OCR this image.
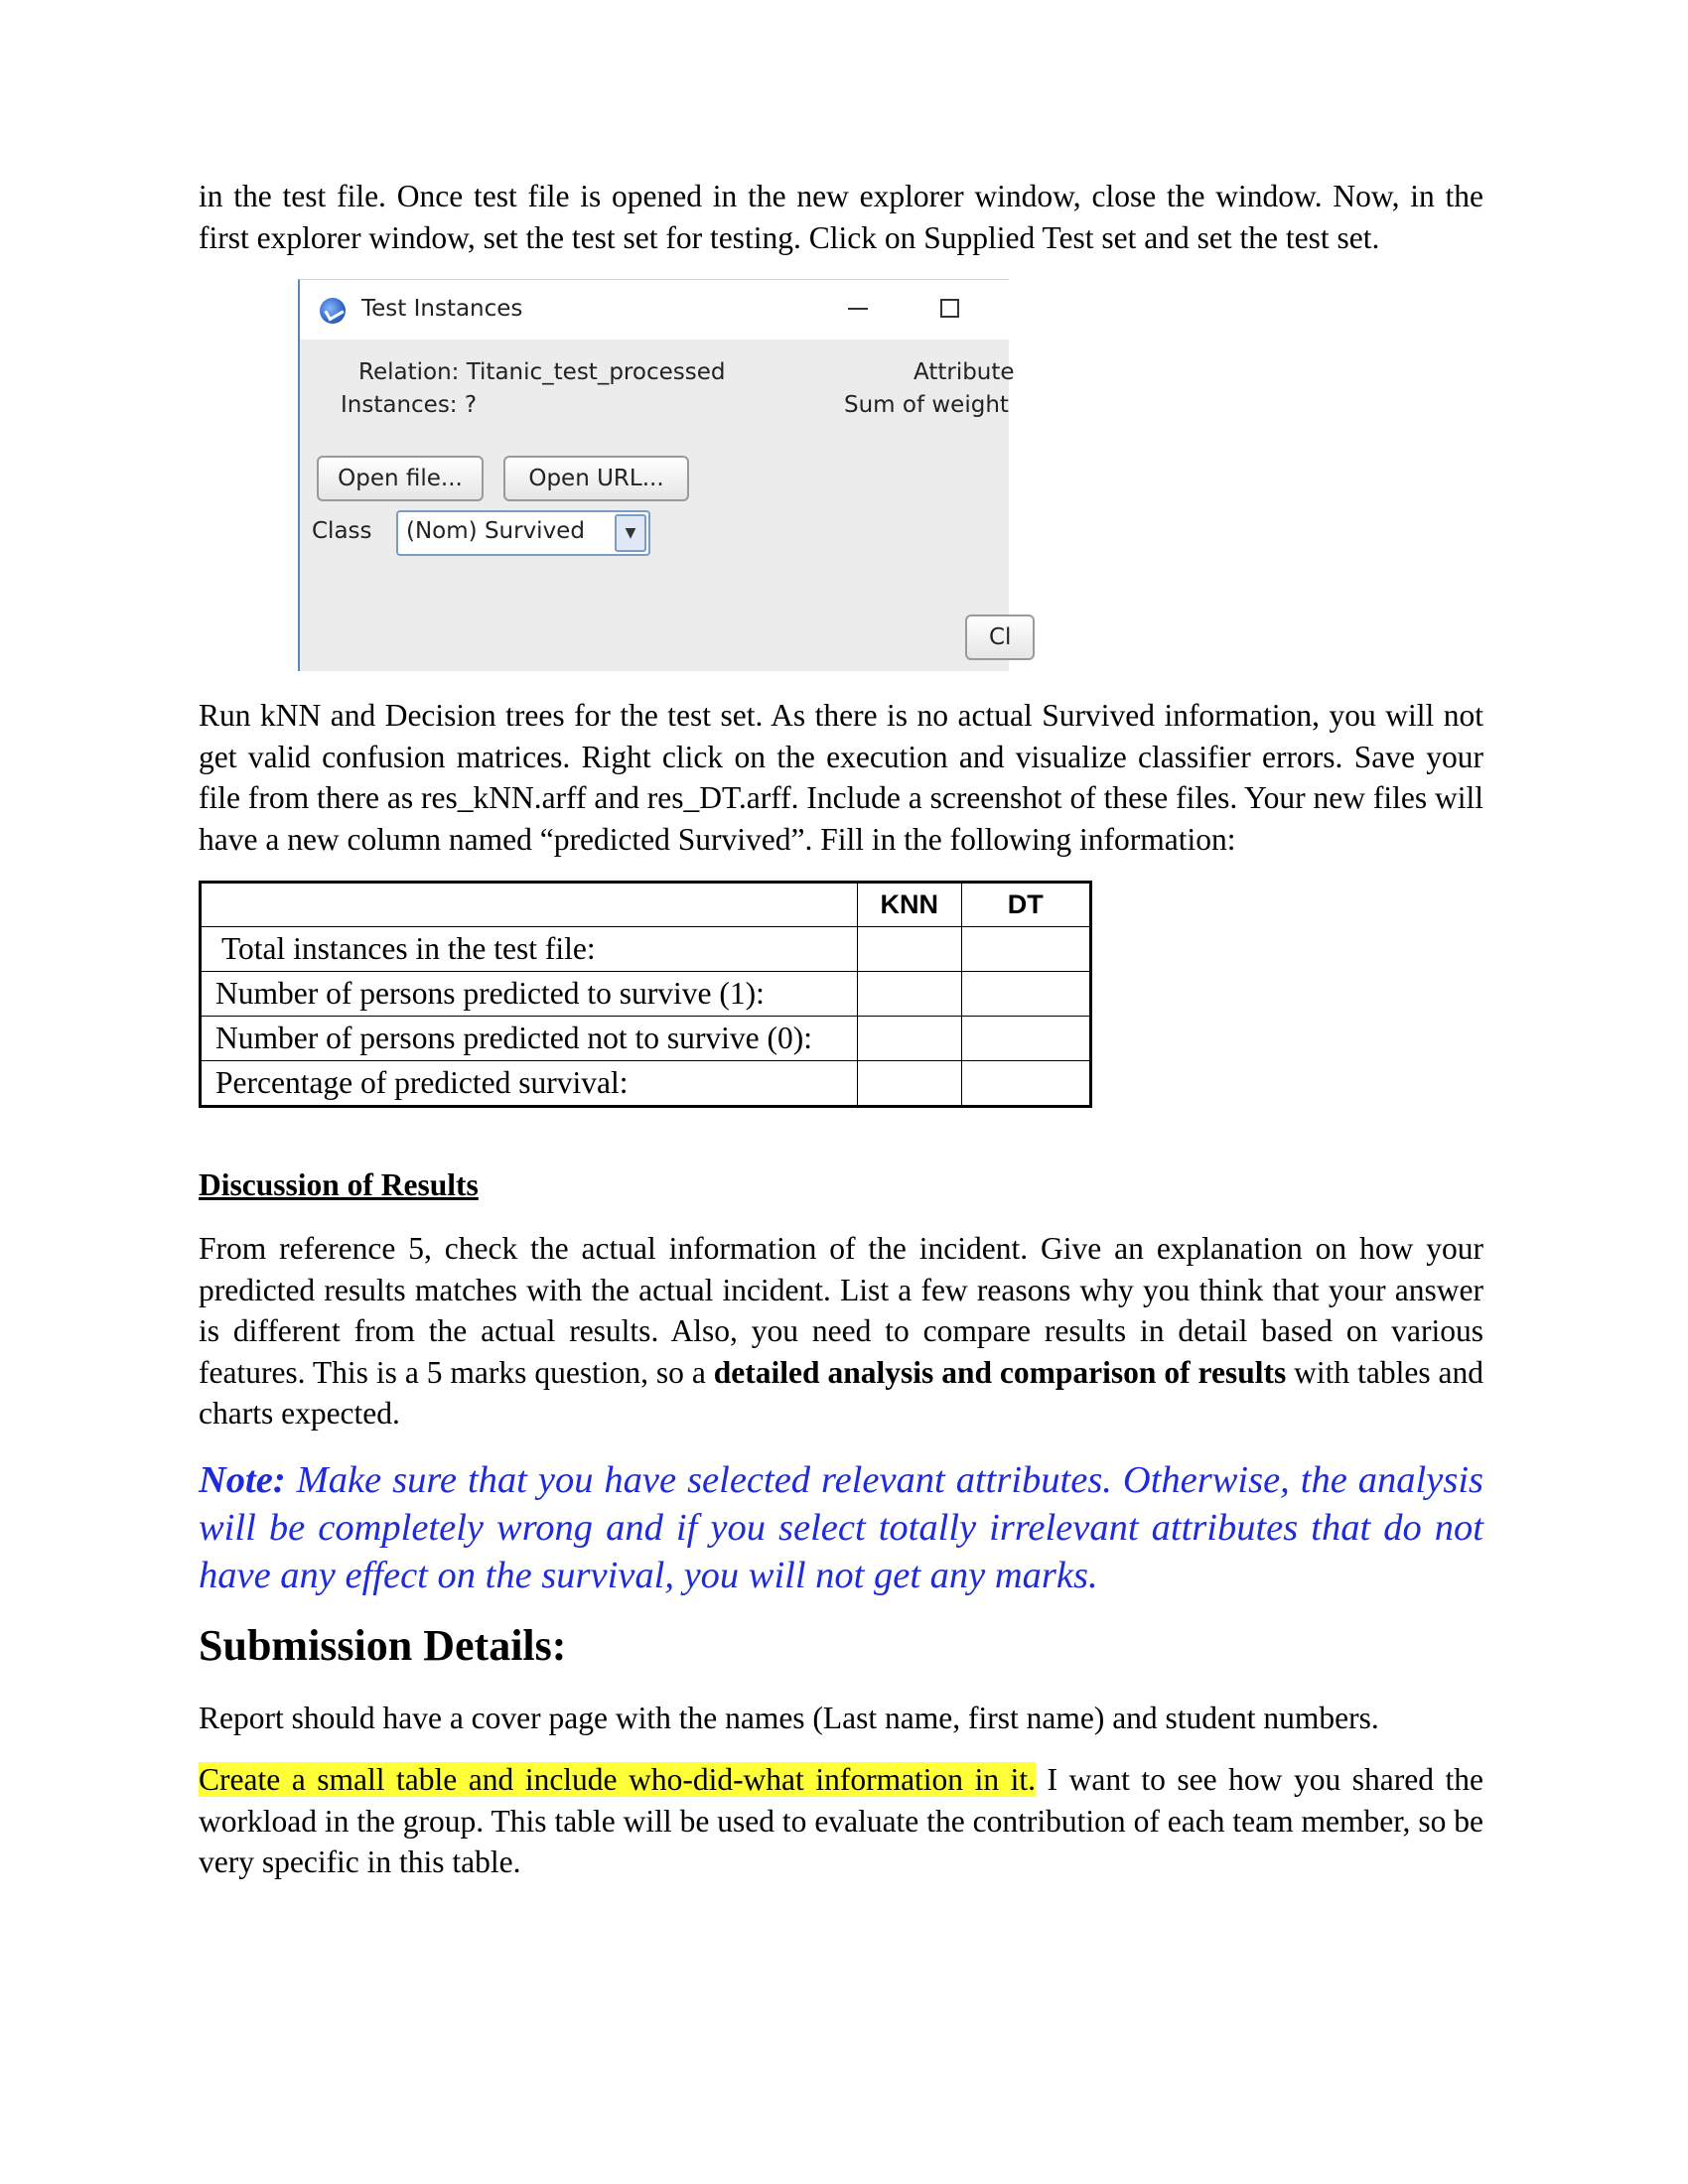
in the test file. Once test file is opened in the new explorer window, close the window. Now, in the first explorer window, set the test set for testing. Click on Supplied Test set and set the test set.

Test Instances
Relation: Titanic_test_processed
Instances: ?
Attribute
Sum of weight
Open file...	Open URL...
Class (Nom) Survived	▼
Cl

Run kNN and Decision trees for the test set. As there is no actual Survived information, you will not get valid confusion matrices. Right click on the execution and visualize classifier errors. Save your file from there as res_kNN.arff and res_DT.arff. Include a screenshot of these files. Your new files will have a new column named “predicted Survived”. Fill in the following information:

	KNN	DT
Total instances in the test file:		
Number of persons predicted to survive (1):		
Number of persons predicted not to survive (0):		
Percentage of predicted survival:		

Discussion of Results

From reference 5, check the actual information of the incident. Give an explanation on how your predicted results matches with the actual incident. List a few reasons why you think that your answer is different from the actual results. Also, you need to compare results in detail based on various features. This is a 5 marks question, so a detailed analysis and comparison of results with tables and charts expected.

Note: Make sure that you have selected relevant attributes. Otherwise, the analysis will be completely wrong and if you select totally irrelevant attributes that do not have any effect on the survival, you will not get any marks.

Submission Details:

Report should have a cover page with the names (Last name, first name) and student numbers.

Create a small table and include who-did-what information in it. I want to see how you shared the workload in the group. This table will be used to evaluate the contribution of each team member, so be very specific in this table.
